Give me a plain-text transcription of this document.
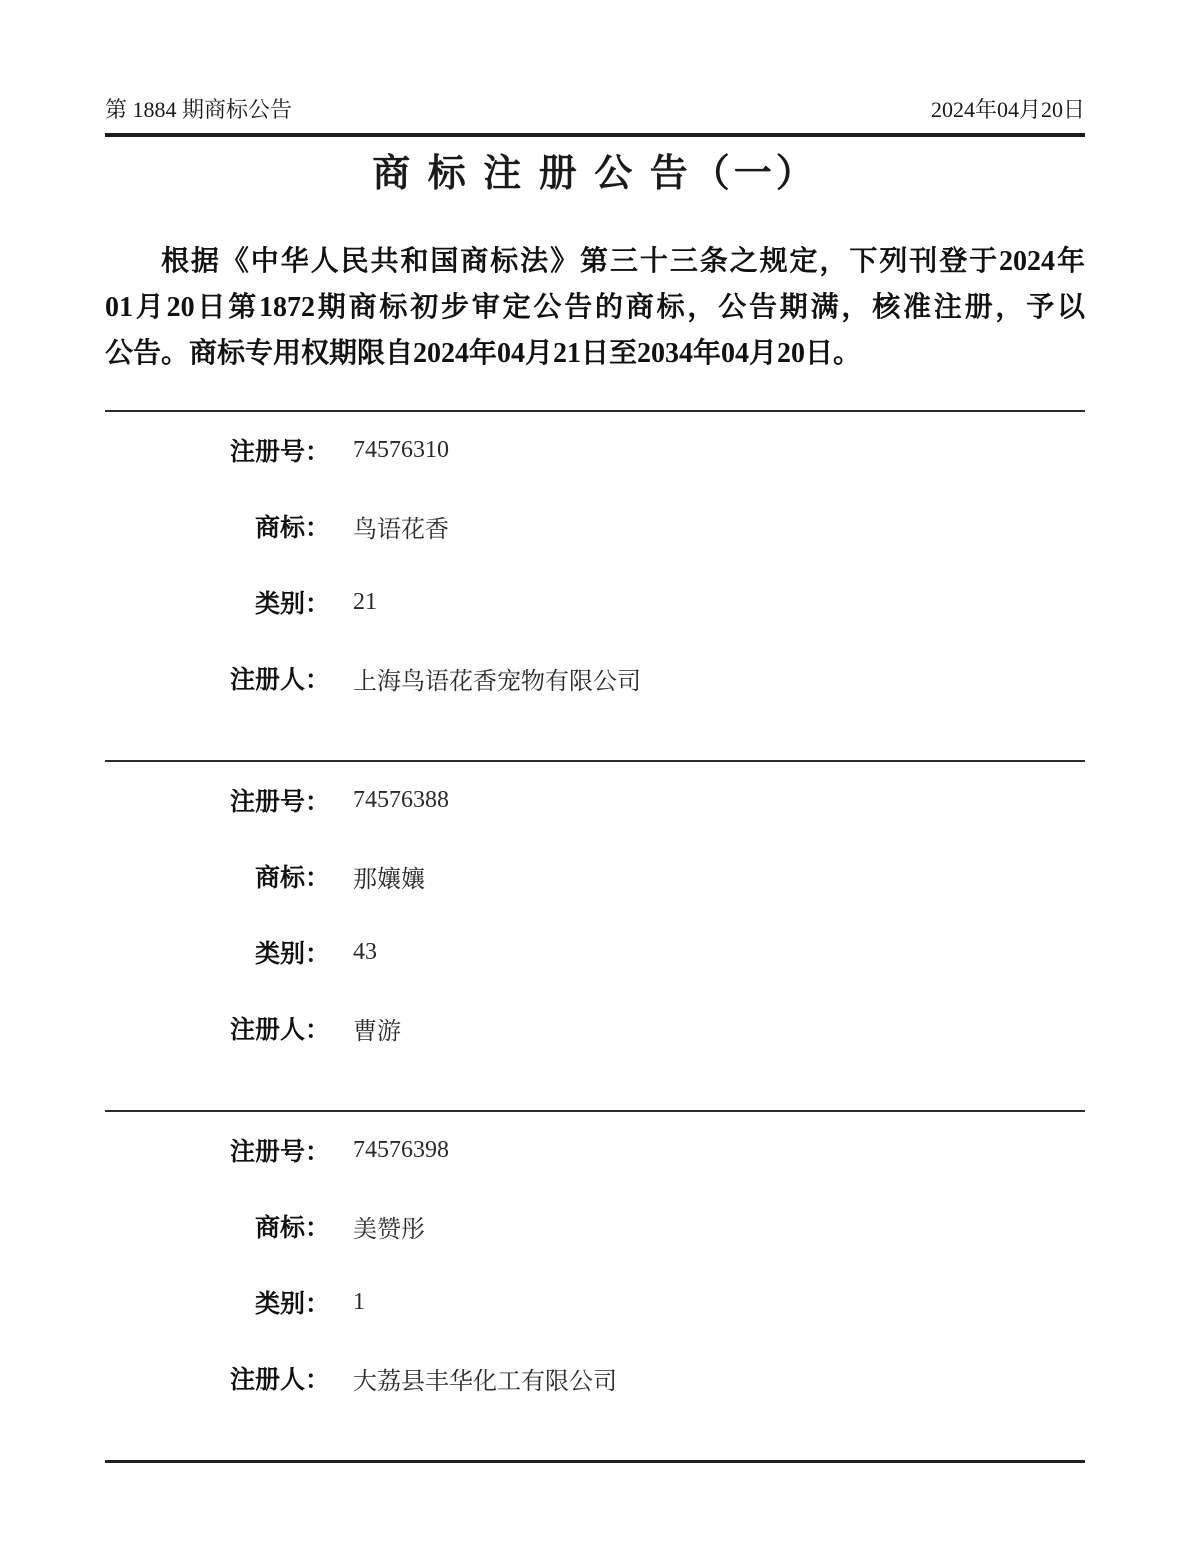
第 1884 期商标公告	2024年04月20日
商 标 注 册 公 告（一）
根据《中华人民共和国商标法》第三十三条之规定，下列刊登于2024年
01月20日第1872期商标初步审定公告的商标，公告期满，核准注册，予以
公告。商标专用权期限自2024年04月21日至2034年04月20日。
注册号： 74576310
商标： 鸟语花香
类别： 21
注册人： 上海鸟语花香宠物有限公司
注册号： 74576388
商标： 那孃孃
类别： 43
注册人： 曹游
注册号： 74576398
商标： 美赞彤
类别： 1
注册人： 大荔县丰华化工有限公司
